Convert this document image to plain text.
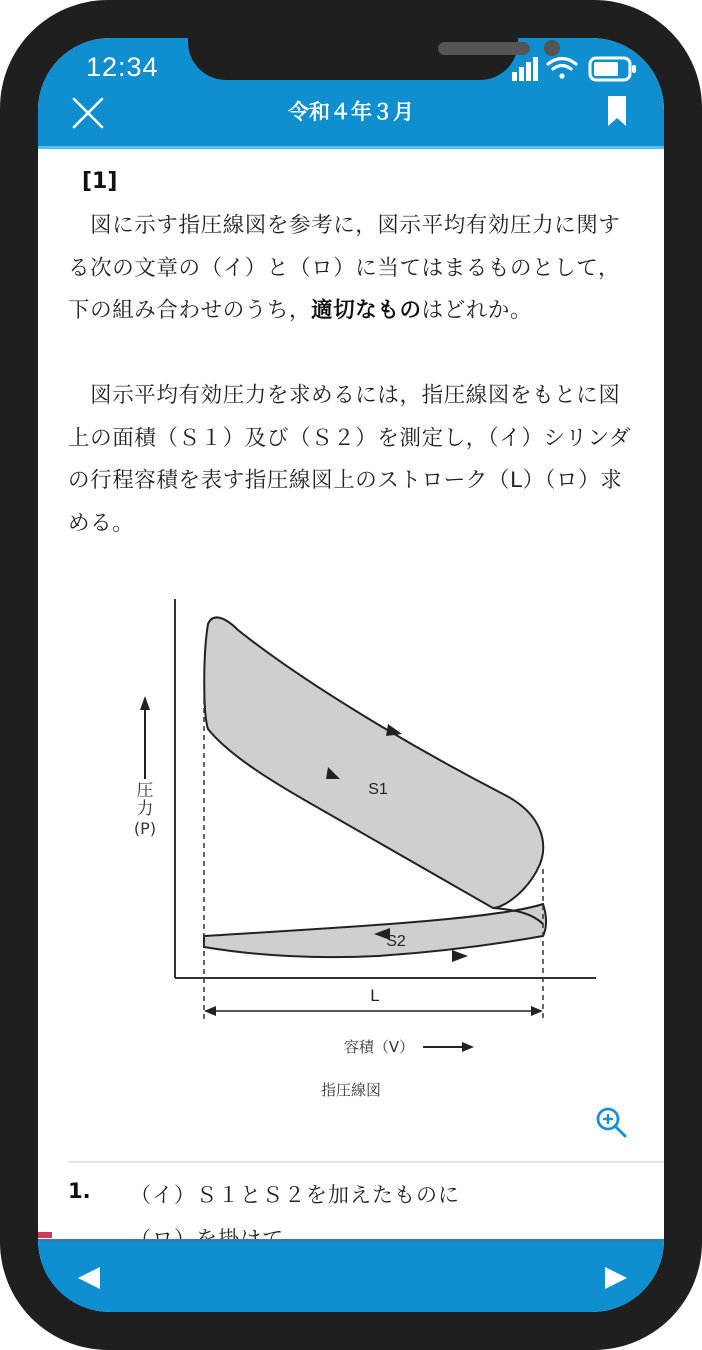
12:34
令和４年３月
[1]

　図に示す指圧線図を参考に，図示平均有効圧力に関する次の文章の（イ）と（ロ）に当てはまるものとして，下の組み合わせのうち，適切なものはどれか。

　図示平均有効圧力を求めるには，指圧線図をもとに図上の面積（Ｓ１）及び（Ｓ２）を測定し，（イ）シリンダの行程容積を表す指圧線図上のストローク（L）（ロ）求める。

圧
力
(P)
S1
S2
L
容積（V）
指圧線図
1. （イ）Ｓ１とＳ２を加えたものに
